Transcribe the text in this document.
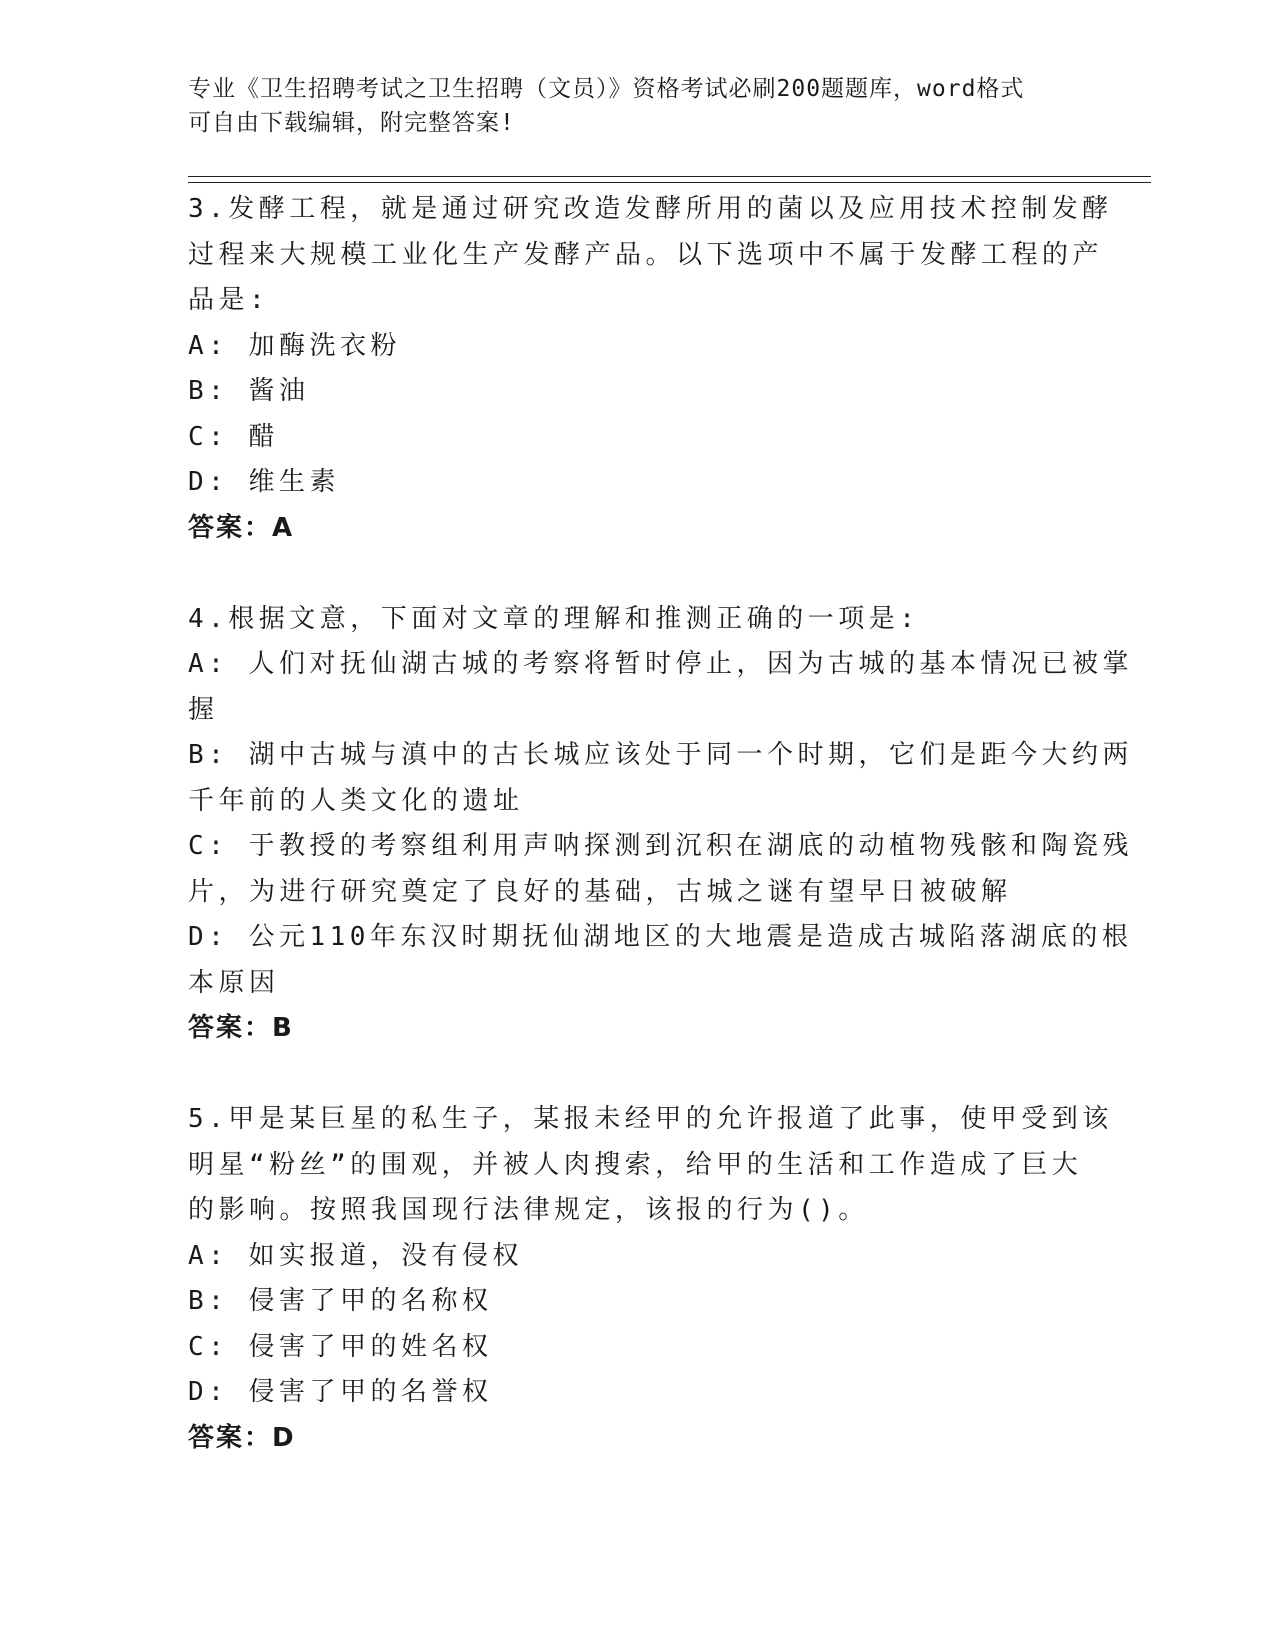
专业《卫生招聘考试之卫生招聘（文员）》资格考试必刷200题题库，word格式
可自由下载编辑，附完整答案!
3.发酵工程，就是通过研究改造发酵所用的菌以及应用技术控制发酵
过程来大规模工业化生产发酵产品。以下选项中不属于发酵工程的产
品是:
A: 加酶洗衣粉
B: 酱油
C: 醋
D: 维生素
答案：A
4.根据文意，下面对文章的理解和推测正确的一项是:
A: 人们对抚仙湖古城的考察将暂时停止，因为古城的基本情况已被掌
握
B: 湖中古城与滇中的古长城应该处于同一个时期，它们是距今大约两
千年前的人类文化的遗址
C: 于教授的考察组利用声呐探测到沉积在湖底的动植物残骸和陶瓷残
片，为进行研究奠定了良好的基础，古城之谜有望早日被破解
D: 公元110年东汉时期抚仙湖地区的大地震是造成古城陷落湖底的根
本原因
答案：B
5.甲是某巨星的私生子，某报未经甲的允许报道了此事，使甲受到该
明星“粉丝”的围观，并被人肉搜索，给甲的生活和工作造成了巨大
的影响。按照我国现行法律规定，该报的行为()。
A: 如实报道，没有侵权
B: 侵害了甲的名称权
C: 侵害了甲的姓名权
D: 侵害了甲的名誉权
答案：D
